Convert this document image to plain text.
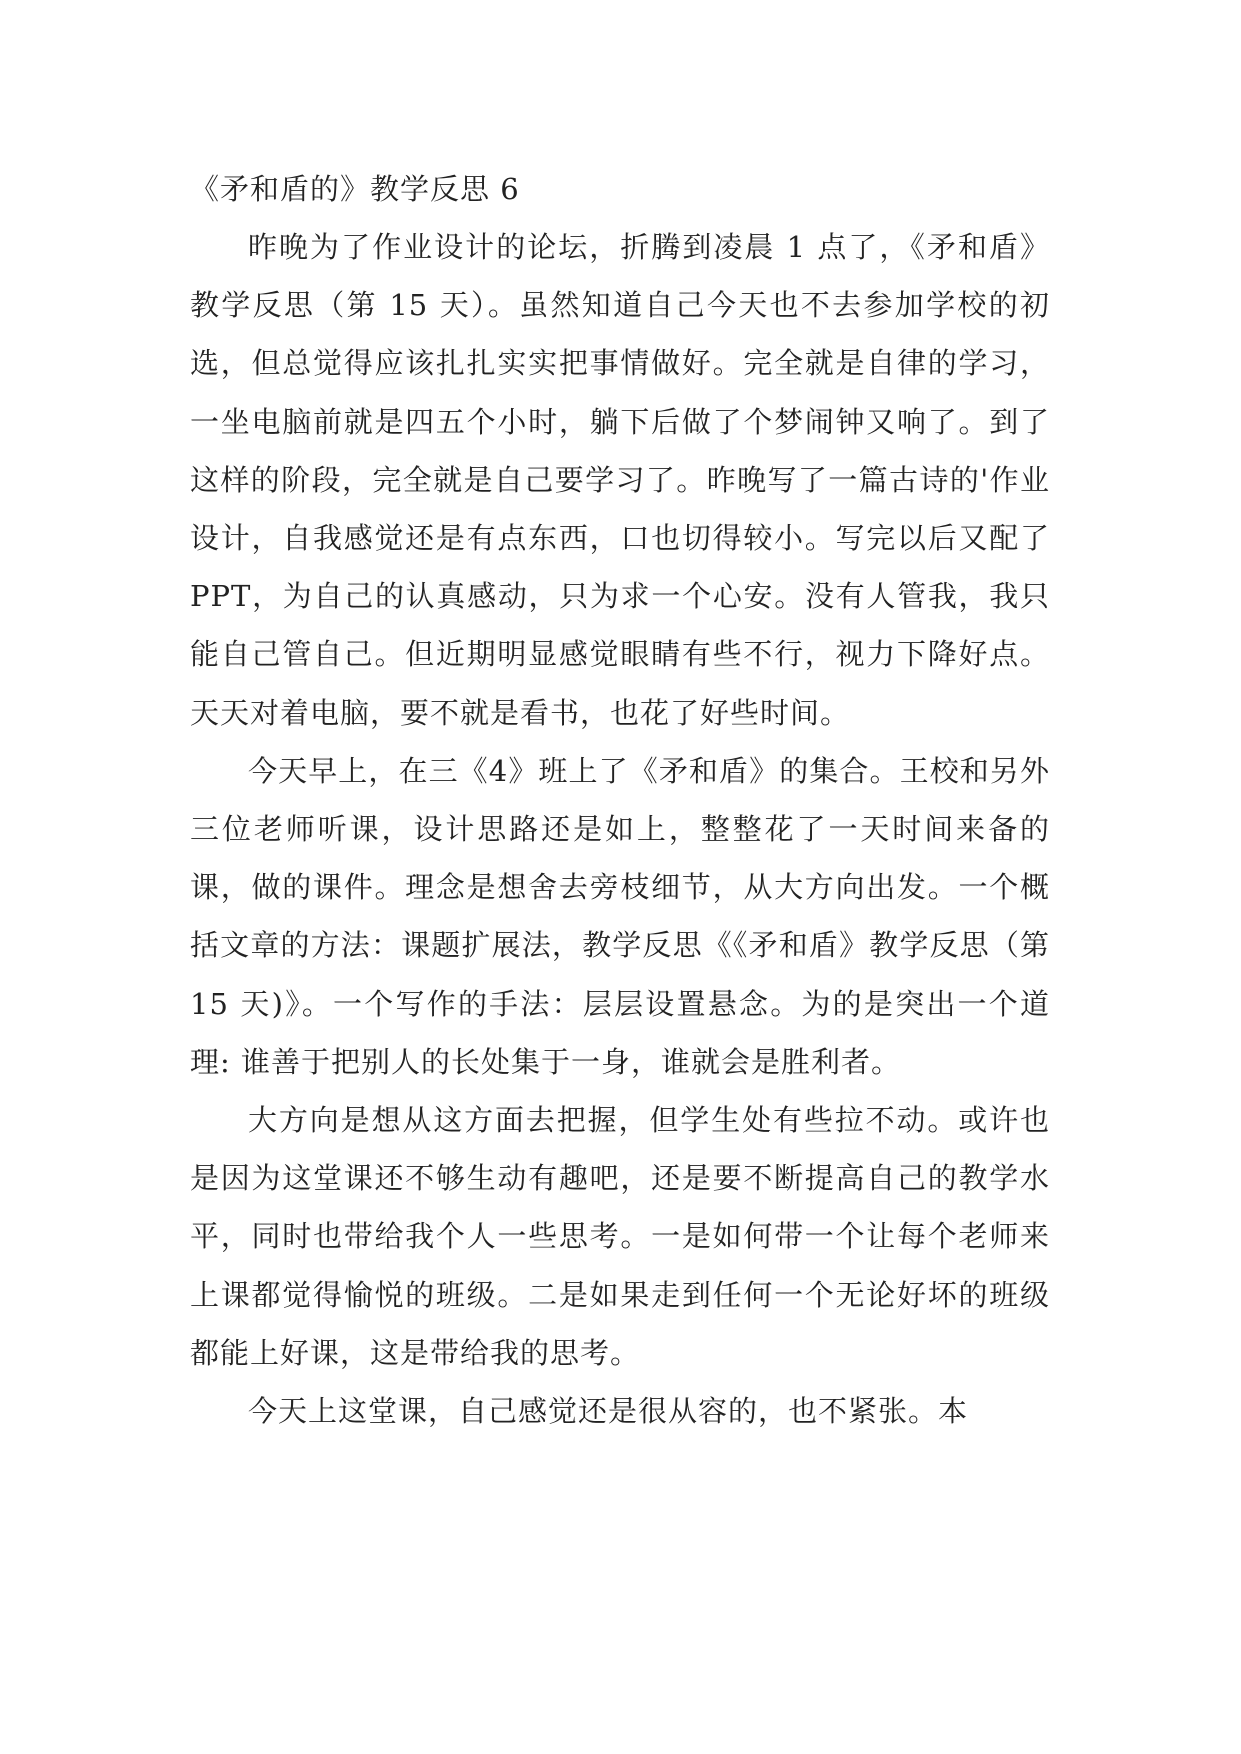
《矛和盾的》教学反思 6

昨晚为了作业设计的论坛，折腾到凌晨 1 点了，《矛和盾》教学反思（第 15 天）。虽然知道自己今天也不去参加学校的初选，但总觉得应该扎扎实实把事情做好。完全就是自律的学习，一坐电脑前就是四五个小时，躺下后做了个梦闹钟又响了。到了这样的阶段，完全就是自己要学习了。昨晚写了一篇古诗的'作业设计，自我感觉还是有点东西，口也切得较小。写完以后又配了 PPT，为自己的认真感动，只为求一个心安。没有人管我，我只能自己管自己。但近期明显感觉眼睛有些不行，视力下降好点。天天对着电脑，要不就是看书，也花了好些时间。

今天早上，在三《4》班上了《矛和盾》的集合。王校和另外三位老师听课，设计思路还是如上，整整花了一天时间来备的课，做的课件。理念是想舍去旁枝细节，从大方向出发。一个概括文章的方法：课题扩展法，教学反思《《矛和盾》教学反思（第 15 天)》。一个写作的手法：层层设置悬念。为的是突出一个道理: 谁善于把别人的长处集于一身，谁就会是胜利者。

大方向是想从这方面去把握，但学生处有些拉不动。或许也是因为这堂课还不够生动有趣吧，还是要不断提高自己的教学水平，同时也带给我个人一些思考。一是如何带一个让每个老师来上课都觉得愉悦的班级。二是如果走到任何一个无论好坏的班级都能上好课，这是带给我的思考。

今天上这堂课，自己感觉还是很从容的，也不紧张。本
